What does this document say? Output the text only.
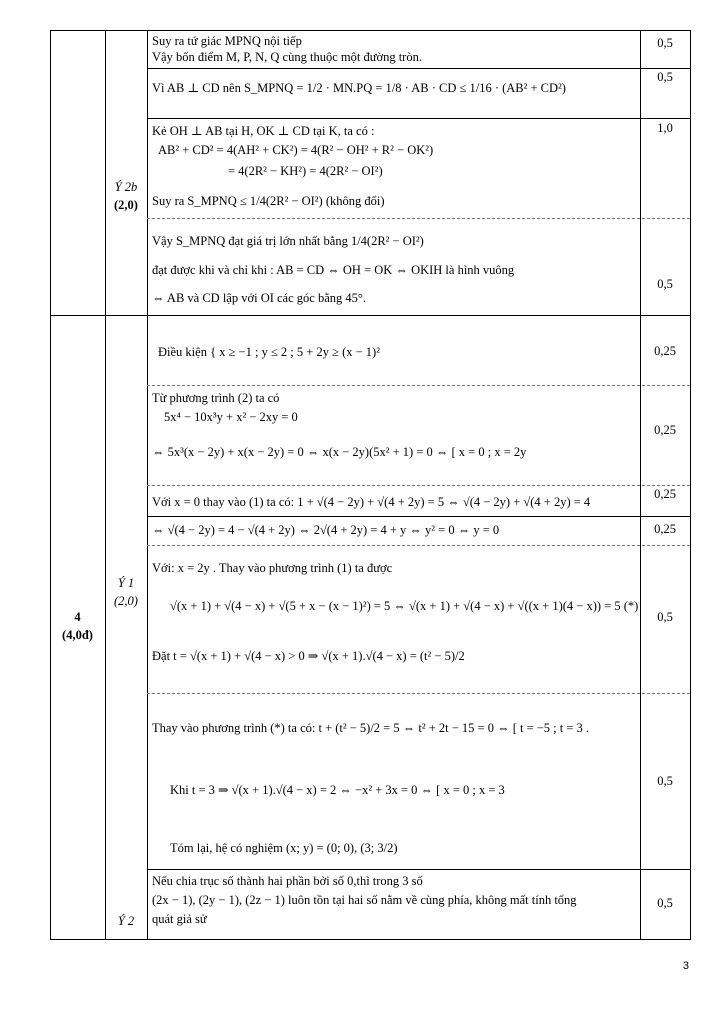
4
(4,0đ)
Ý 2b
(2,0)
Ý 1
(2,0)
Ý 2
Suy ra tứ giác MPNQ nội tiếp
Vậy bốn điểm M, P, N, Q cùng thuộc một đường tròn.
0,5
Vì AB ⊥ CD nên S_MPNQ = 1/2 · MN.PQ = 1/8 · AB · CD ≤ 1/16 · (AB² + CD²)
0,5
Kẻ OH ⊥ AB tại H, OK ⊥ CD tại K, ta có :
AB² + CD² = 4(AH² + CK²) = 4(R² − OH² + R² − OK²)
= 4(2R² − KH²) = 4(2R² − OI²)
Suy ra S_MPNQ ≤ 1/4(2R² − OI²) (không đổi)
1,0
Vậy S_MPNQ đạt giá trị lớn nhất bằng 1/4(2R² − OI²)
đạt được khi và chỉ khi : AB = CD ⇔ OH = OK ⇔ OKIH là hình vuông
⇔ AB và CD lập với OI các góc bằng 45°.
0,5
Điều kiện { x ≥ −1 ; y ≤ 2 ; 5 + 2y ≥ (x − 1)²	0,25
Từ phương trình (2) ta có
5x⁴ − 10x³y + x² − 2xy = 0
⇔ 5x³(x − 2y) + x(x − 2y) = 0 ⇔ x(x − 2y)(5x² + 1) = 0 ⇔ [ x = 0 ; x = 2y
0,25
Với x = 0 thay vào (1) ta có: 1 + √(4 − 2y) + √(4 + 2y) = 5 ⇔ √(4 − 2y) + √(4 + 2y) = 4
0,25
⇔ √(4 − 2y) = 4 − √(4 + 2y) ⇔ 2√(4 + 2y) = 4 + y ⇔ y² = 0 ⇔ y = 0	0,25
Với: x = 2y . Thay vào phương trình (1) ta được
√(x + 1) + √(4 − x) + √(5 + x − (x − 1)²) = 5 ⇔ √(x + 1) + √(4 − x) + √((x + 1)(4 − x)) = 5 (*)
Đặt t = √(x + 1) + √(4 − x) > 0 ⇒ √(x + 1).√(4 − x) = (t² − 5)/2
0,5
Thay vào phương trình (*) ta có: t + (t² − 5)/2 = 5 ⇔ t² + 2t − 15 = 0 ⇔ [ t = −5 ; t = 3 .
Khi t = 3 ⇒ √(x + 1).√(4 − x) = 2 ⇔ −x² + 3x = 0 ⇔ [ x = 0 ; x = 3
Tóm lại, hệ có nghiệm (x; y) = (0; 0), (3; 3/2)
0,5
Nếu chia trục số thành hai phần bởi số 0,thì trong 3 số
(2x − 1), (2y − 1), (2z − 1) luôn tồn tại hai số nằm về cùng phía, không mất tính tổng
quát giả sử
0,5
3
